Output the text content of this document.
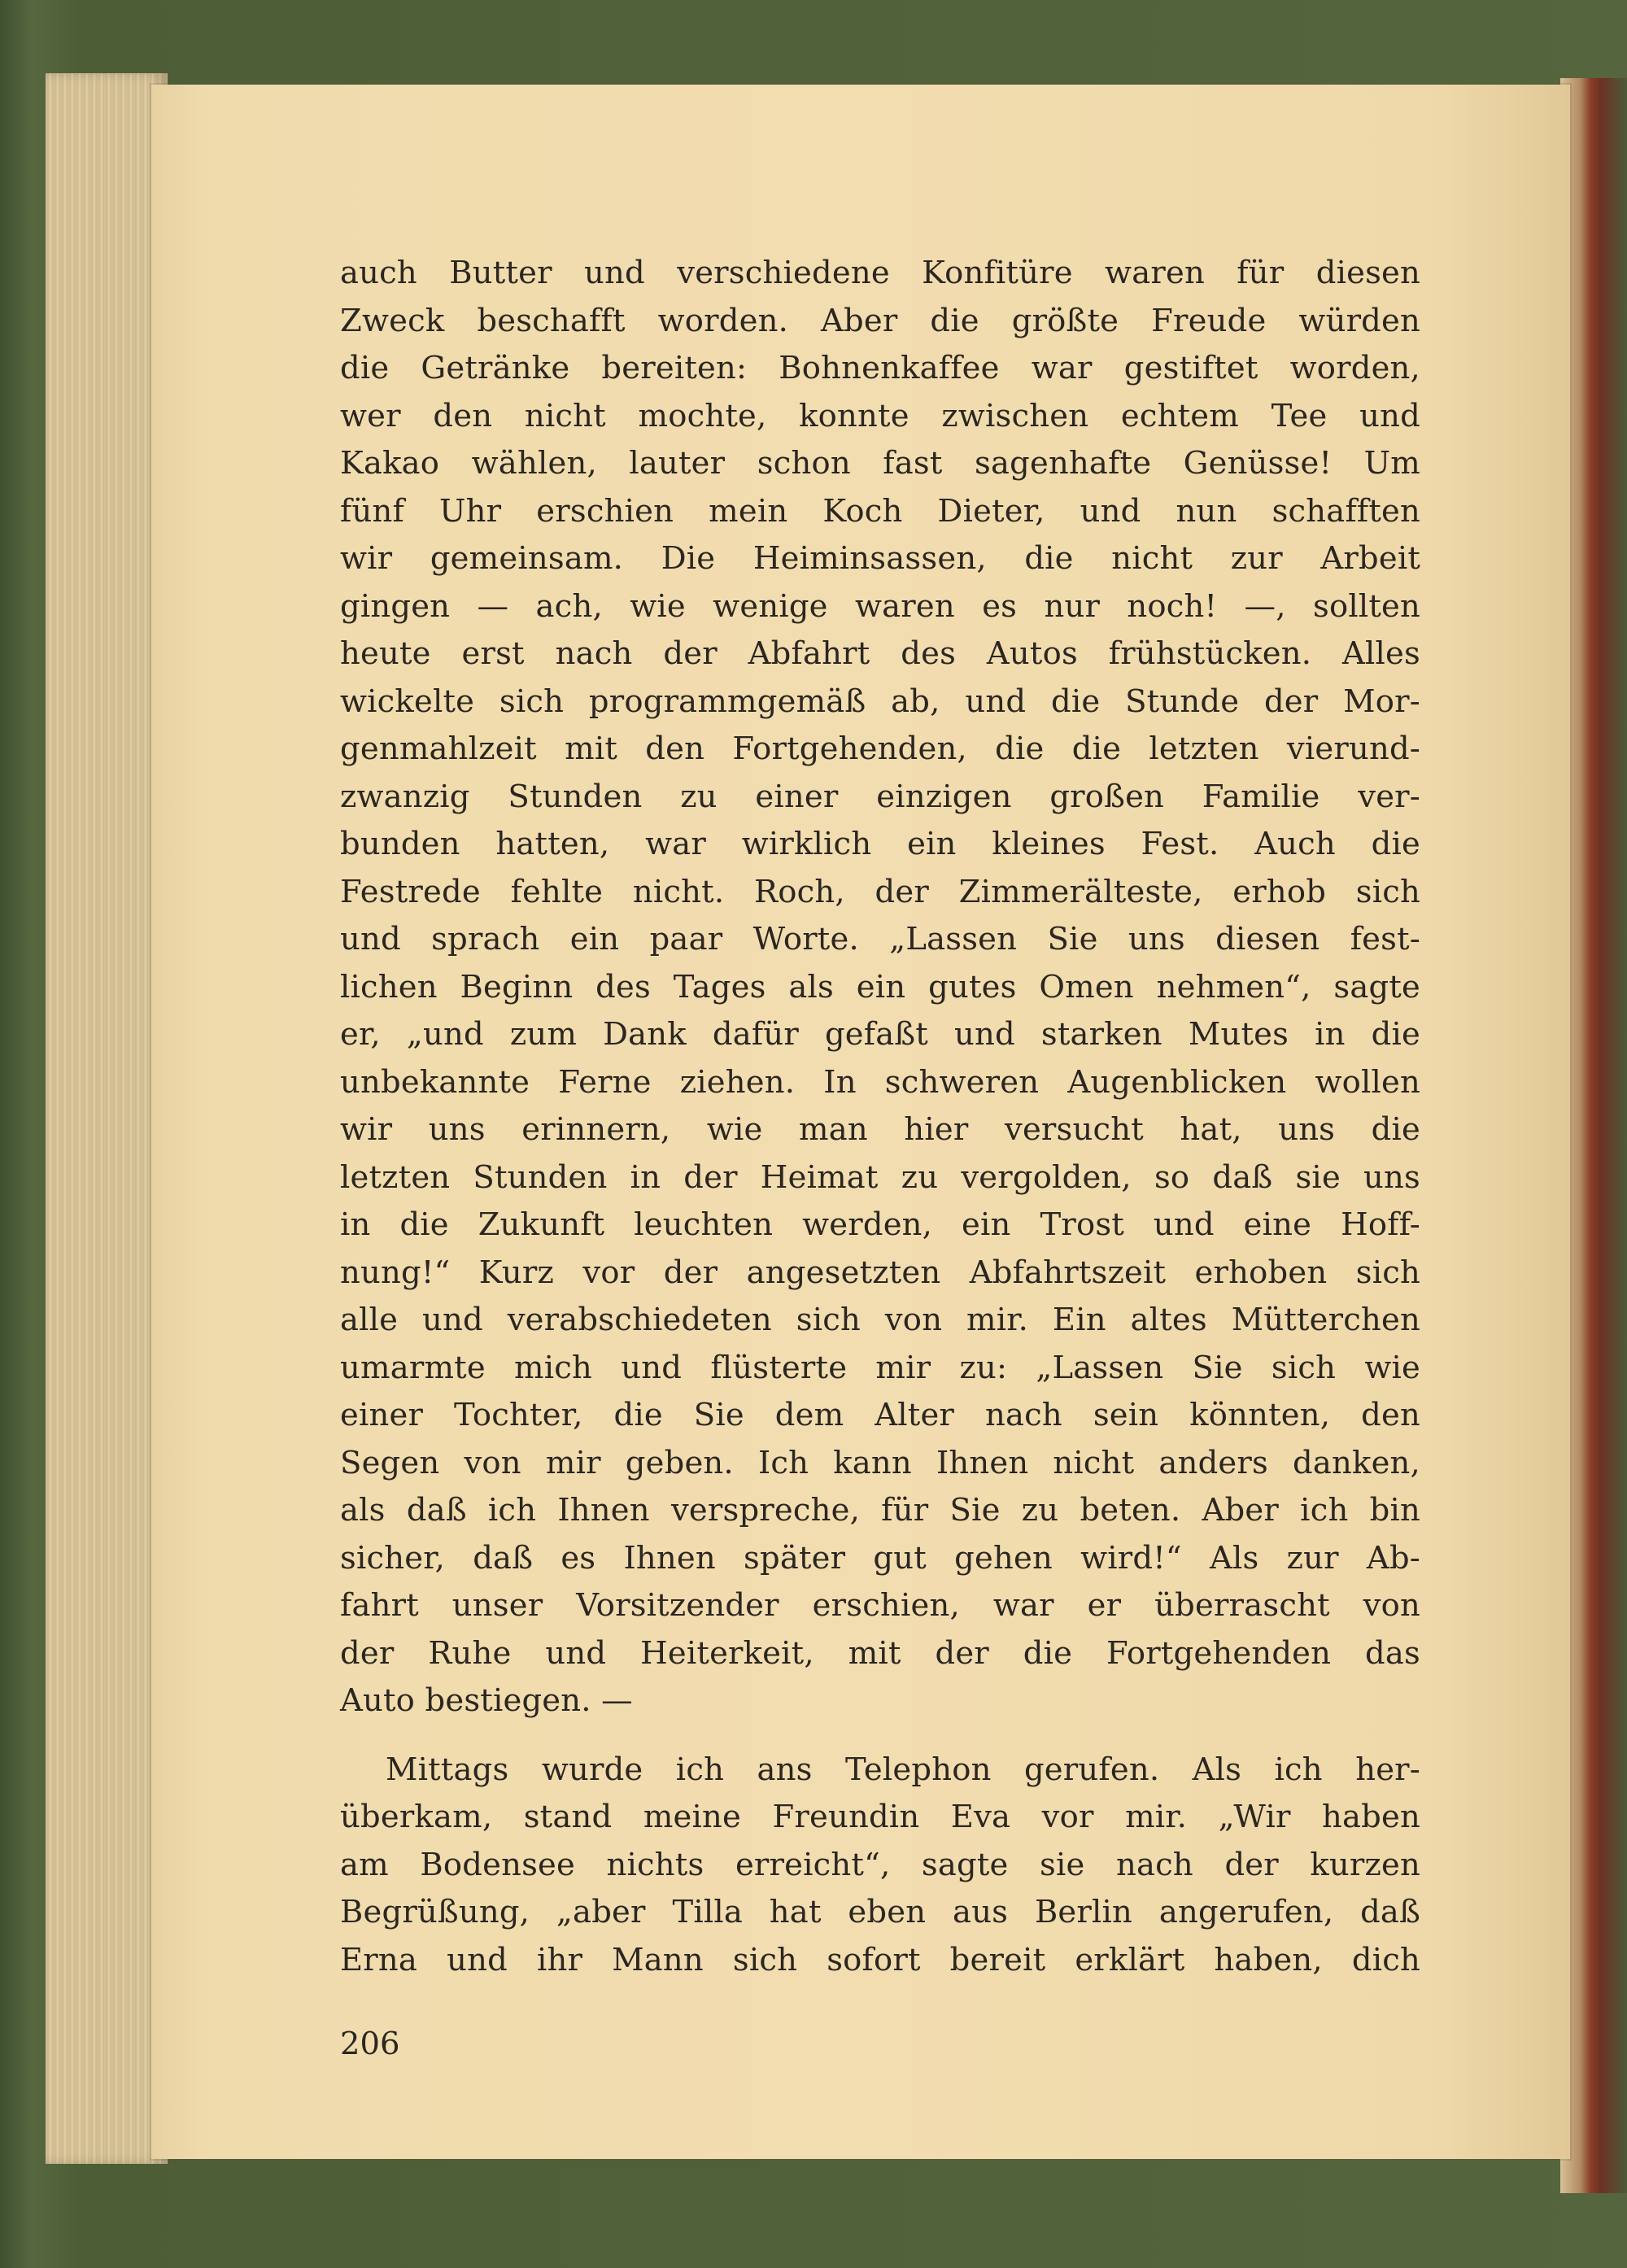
auch Butter und verschiedene Konfitüre waren für diesen
Zweck beschafft worden. Aber die größte Freude würden
die Getränke bereiten: Bohnenkaffee war gestiftet worden,
wer den nicht mochte, konnte zwischen echtem Tee und
Kakao wählen, lauter schon fast sagenhafte Genüsse! Um
fünf Uhr erschien mein Koch Dieter, und nun schafften
wir gemeinsam. Die Heiminsassen, die nicht zur Arbeit
gingen — ach, wie wenige waren es nur noch! —, sollten
heute erst nach der Abfahrt des Autos frühstücken. Alles
wickelte sich programmgemäß ab, und die Stunde der Mor-
genmahlzeit mit den Fortgehenden, die die letzten vierund-
zwanzig Stunden zu einer einzigen großen Familie ver-
bunden hatten, war wirklich ein kleines Fest. Auch die
Festrede fehlte nicht. Roch, der Zimmerälteste, erhob sich
und sprach ein paar Worte. „Lassen Sie uns diesen fest-
lichen Beginn des Tages als ein gutes Omen nehmen“, sagte
er, „und zum Dank dafür gefaßt und starken Mutes in die
unbekannte Ferne ziehen. In schweren Augenblicken wollen
wir uns erinnern, wie man hier versucht hat, uns die
letzten Stunden in der Heimat zu vergolden, so daß sie uns
in die Zukunft leuchten werden, ein Trost und eine Hoff-
nung!“ Kurz vor der angesetzten Abfahrtszeit erhoben sich
alle und verabschiedeten sich von mir. Ein altes Mütterchen
umarmte mich und flüsterte mir zu: „Lassen Sie sich wie
einer Tochter, die Sie dem Alter nach sein könnten, den
Segen von mir geben. Ich kann Ihnen nicht anders danken,
als daß ich Ihnen verspreche, für Sie zu beten. Aber ich bin
sicher, daß es Ihnen später gut gehen wird!“ Als zur Ab-
fahrt unser Vorsitzender erschien, war er überrascht von
der Ruhe und Heiterkeit, mit der die Fortgehenden das
Auto bestiegen. —
Mittags wurde ich ans Telephon gerufen. Als ich her-
überkam, stand meine Freundin Eva vor mir. „Wir haben
am Bodensee nichts erreicht“, sagte sie nach der kurzen
Begrüßung, „aber Tilla hat eben aus Berlin angerufen, daß
Erna und ihr Mann sich sofort bereit erklärt haben, dich
206
